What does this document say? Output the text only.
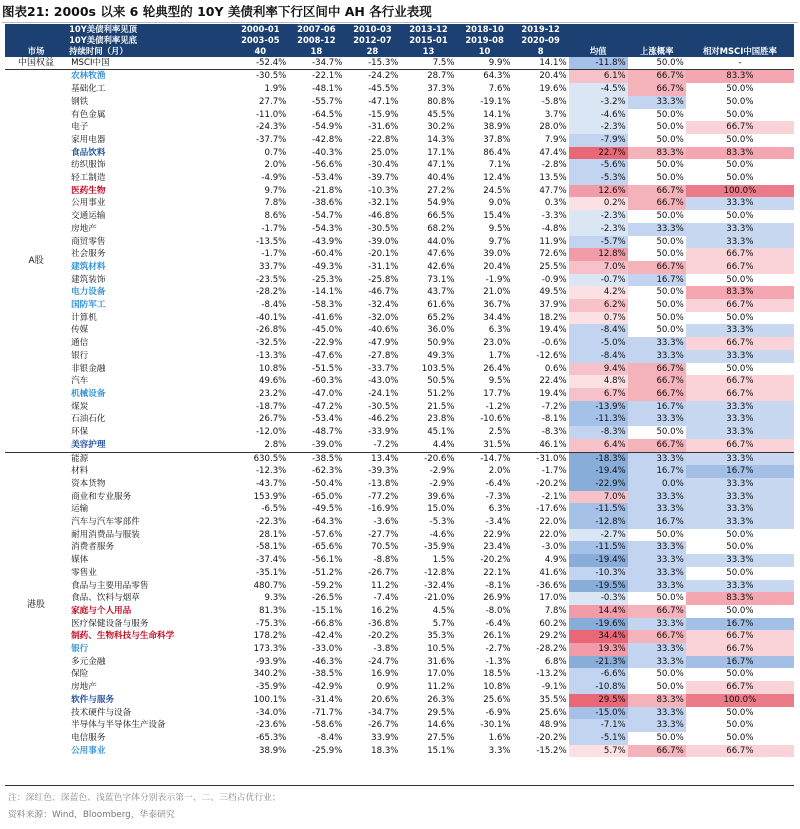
图表21: 2000s 以来 6 轮典型的 10Y 美债利率下行区间中 AH 各行业表现
	10Y美债利率见顶	2000-01	2007-06	2010-03	2013-12	2018-10	2019-12			
	10Y美债利率见底	2003-05	2008-12	2012-07	2015-01	2019-08	2020-09			
市场	持续时间（月）	40	18	28	13	10	8	均值	上涨概率	相对MSCI中国胜率
中国权益	MSCI中国	-52.4%	-34.7%	-15.3%	7.5%	9.9%	14.1%	-11.8%	50.0%	-
A股	农林牧渔	-30.5%	-22.1%	-24.2%	28.7%	64.3%	20.4%	6.1%	66.7%	83.3%
	基础化工	1.9%	-48.1%	-45.5%	37.3%	7.6%	19.6%	-4.5%	66.7%	50.0%
	钢铁	27.7%	-55.7%	-47.1%	80.8%	-19.1%	-5.8%	-3.2%	33.3%	50.0%
	有色金属	-11.0%	-64.5%	-15.9%	45.5%	14.1%	3.7%	-4.6%	50.0%	50.0%
	电子	-24.3%	-54.9%	-31.6%	30.2%	38.9%	28.0%	-2.3%	50.0%	66.7%
	家用电器	-37.7%	-42.8%	-22.8%	14.3%	37.8%	7.9%	-7.9%	50.0%	50.0%
	食品饮料	0.7%	-40.3%	25.0%	17.1%	86.4%	47.4%	22.7%	83.3%	83.3%
	纺织服饰	2.0%	-56.6%	-30.4%	47.1%	7.1%	-2.8%	-5.6%	50.0%	50.0%
	轻工制造	-4.9%	-53.4%	-39.7%	40.4%	12.4%	13.5%	-5.3%	50.0%	50.0%
	医药生物	9.7%	-21.8%	-10.3%	27.2%	24.5%	47.7%	12.6%	66.7%	100.0%
	公用事业	7.8%	-38.6%	-32.1%	54.9%	9.0%	0.3%	0.2%	66.7%	33.3%
	交通运输	8.6%	-54.7%	-46.8%	66.5%	15.4%	-3.3%	-2.3%	50.0%	50.0%
	房地产	-1.7%	-54.3%	-30.5%	68.2%	9.5%	-4.8%	-2.3%	33.3%	33.3%
	商贸零售	-13.5%	-43.9%	-39.0%	44.0%	9.7%	11.9%	-5.7%	50.0%	33.3%
	社会服务	-1.7%	-60.4%	-20.1%	47.6%	39.0%	72.6%	12.8%	50.0%	66.7%
	建筑材料	33.7%	-49.3%	-31.1%	42.6%	20.4%	25.5%	7.0%	66.7%	66.7%
	建筑装饰	-23.5%	-25.3%	-25.8%	73.1%	-1.9%	-0.9%	-0.7%	16.7%	50.0%
	电力设备	-28.2%	-14.1%	-46.7%	43.7%	21.0%	49.5%	4.2%	50.0%	83.3%
	国防军工	-8.4%	-58.3%	-32.4%	61.6%	36.7%	37.9%	6.2%	50.0%	66.7%
	计算机	-40.1%	-41.6%	-32.0%	65.2%	34.4%	18.2%	0.7%	50.0%	50.0%
	传媒	-26.8%	-45.0%	-40.6%	36.0%	6.3%	19.4%	-8.4%	50.0%	33.3%
	通信	-32.5%	-22.9%	-47.9%	50.9%	23.0%	-0.6%	-5.0%	33.3%	66.7%
	银行	-13.3%	-47.6%	-27.8%	49.3%	1.7%	-12.6%	-8.4%	33.3%	33.3%
	非银金融	10.8%	-51.5%	-33.7%	103.5%	26.4%	0.6%	9.4%	66.7%	50.0%
	汽车	49.6%	-60.3%	-43.0%	50.5%	9.5%	22.4%	4.8%	66.7%	66.7%
	机械设备	23.2%	-47.0%	-24.1%	51.2%	17.7%	19.4%	6.7%	66.7%	66.7%
	煤炭	-18.7%	-47.2%	-30.5%	21.5%	-1.2%	-7.2%	-13.9%	16.7%	33.3%
	石油石化	26.7%	-53.4%	-46.2%	23.8%	-10.6%	-8.1%	-11.3%	33.3%	33.3%
	环保	-12.0%	-48.7%	-33.9%	45.1%	2.5%	-8.3%	-8.3%	50.0%	33.3%
	美容护理	2.8%	-39.0%	-7.2%	4.4%	31.5%	46.1%	6.4%	66.7%	66.7%
港股	能源	630.5%	-38.5%	13.4%	-20.6%	-14.7%	-31.0%	-18.3%	33.3%	33.3%
	材料	-12.3%	-62.3%	-39.3%	-2.9%	2.0%	-1.7%	-19.4%	16.7%	16.7%
	资本货物	-43.7%	-50.4%	-13.8%	-2.9%	-6.4%	-20.2%	-22.9%	0.0%	33.3%
	商业和专业服务	153.9%	-65.0%	-77.2%	39.6%	-7.3%	-2.1%	7.0%	33.3%	33.3%
	运输	-6.5%	-49.5%	-16.9%	15.0%	6.3%	-17.6%	-11.5%	33.3%	33.3%
	汽车与汽车零部件	-22.3%	-64.3%	-3.6%	-5.3%	-3.4%	22.0%	-12.8%	16.7%	33.3%
	耐用消费品与服装	28.1%	-57.6%	-27.7%	-4.6%	22.9%	22.0%	-2.7%	50.0%	50.0%
	消费者服务	-58.1%	-65.6%	70.5%	-35.9%	23.4%	-3.0%	-11.5%	33.3%	50.0%
	媒体	-37.4%	-56.1%	-8.8%	1.5%	-20.2%	4.9%	-19.4%	33.3%	33.3%
	零售业	-35.1%	-51.2%	-26.7%	-12.8%	22.1%	41.6%	-10.3%	33.3%	50.0%
	食品与主要用品零售	480.7%	-59.2%	11.2%	-32.4%	-8.1%	-36.6%	-19.5%	33.3%	33.3%
	食品、饮料与烟草	9.3%	-26.5%	-7.4%	-21.0%	26.9%	17.0%	-0.3%	50.0%	83.3%
	家庭与个人用品	81.3%	-15.1%	16.2%	4.5%	-8.0%	7.8%	14.4%	66.7%	50.0%
	医疗保健设备与服务	-75.3%	-66.8%	-36.8%	5.7%	-6.4%	60.2%	-19.6%	33.3%	16.7%
	制药、生物科技与生命科学	178.2%	-42.4%	-20.2%	35.3%	26.1%	29.2%	34.4%	66.7%	66.7%
	银行	173.3%	-33.0%	-3.8%	10.5%	-2.7%	-28.2%	19.3%	33.3%	66.7%
	多元金融	-93.9%	-46.3%	-24.7%	31.6%	-1.3%	6.8%	-21.3%	33.3%	16.7%
	保险	340.2%	-38.5%	16.9%	17.0%	18.5%	-13.2%	-6.6%	50.0%	50.0%
	房地产	-35.9%	-42.9%	0.9%	11.2%	10.8%	-9.1%	-10.8%	50.0%	66.7%
	软件与服务	100.1%	-31.4%	20.6%	26.3%	25.6%	35.5%	29.5%	83.3%	100.0%
	技术硬件与设备	-34.0%	-71.7%	-34.7%	29.5%	-6.9%	25.6%	-15.0%	33.3%	50.0%
	半导体与半导体生产设备	-23.6%	-58.6%	-26.7%	14.6%	-30.1%	48.9%	-7.1%	33.3%	50.0%
	电信服务	-65.3%	-8.4%	33.9%	27.5%	1.6%	-20.2%	-5.1%	50.0%	50.0%
	公用事业	38.9%	-25.9%	18.3%	15.1%	3.3%	-15.2%	5.7%	66.7%	66.7%
注：深红色、深蓝色、浅蓝色字体分别表示第一、二、三档占优行业；
资料来源：Wind，Bloomberg，华泰研究
